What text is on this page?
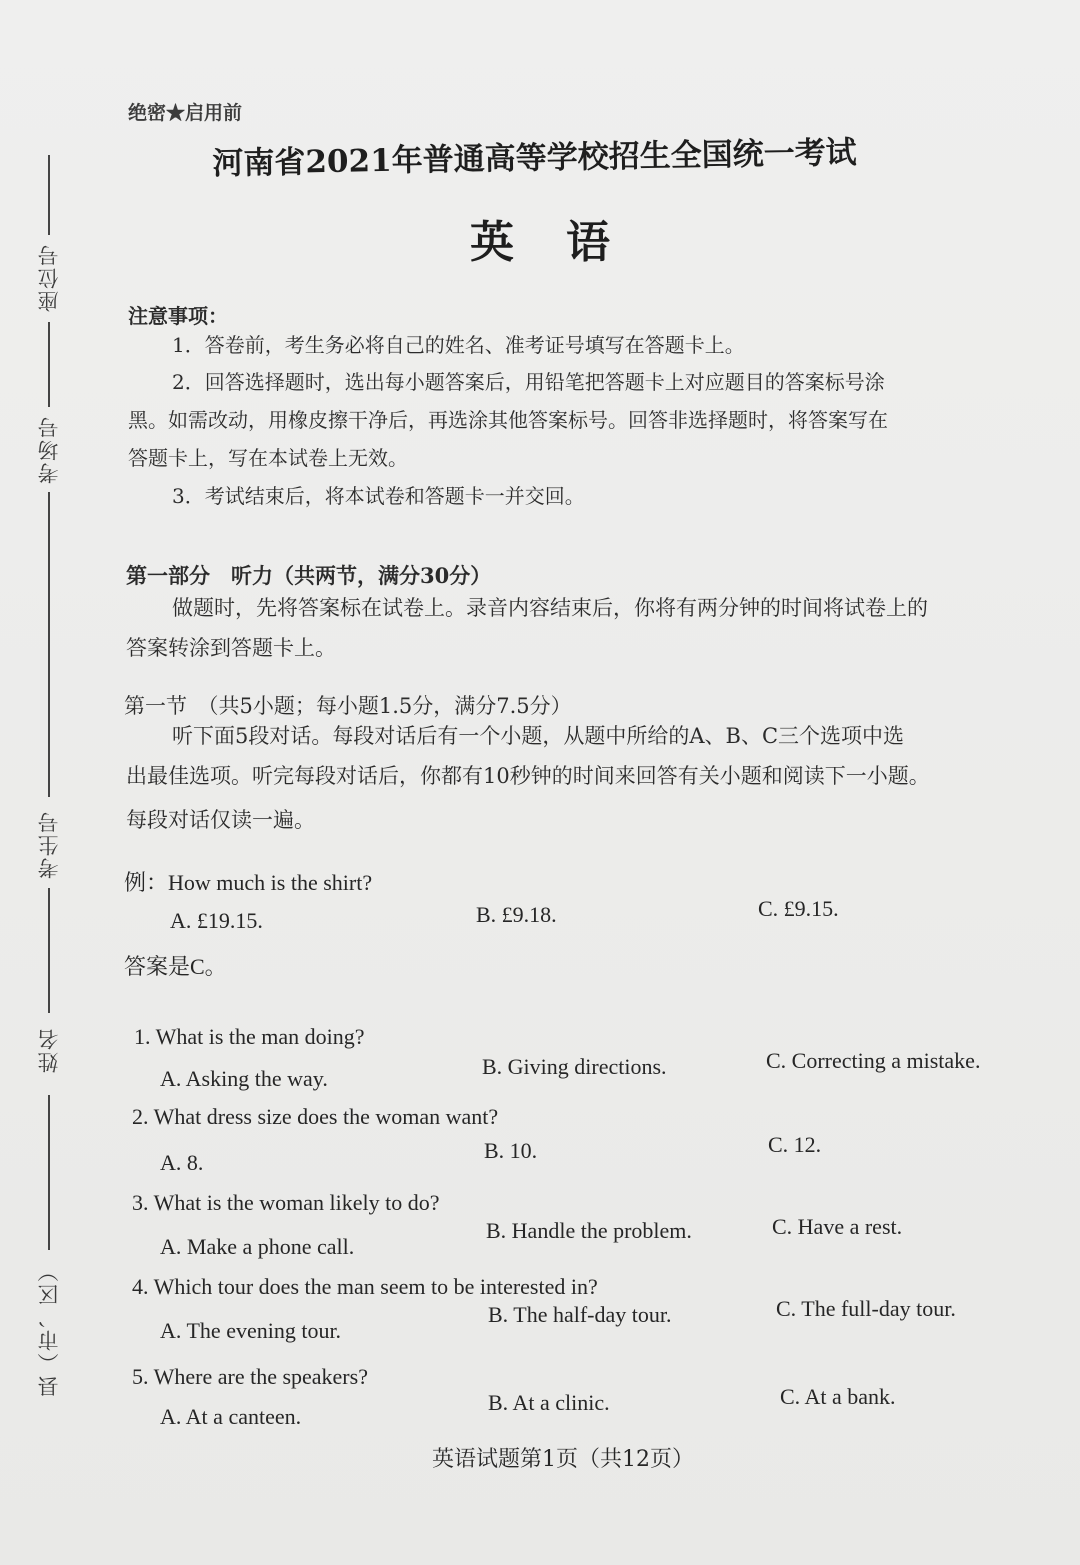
座位号
考场号
考生号
姓名
县（市、区）
绝密★启用前
河南省2021年普通高等学校招生全国统一考试
英语
注意事项：
1．答卷前，考生务必将自己的姓名、准考证号填写在答题卡上。
2．回答选择题时，选出每小题答案后，用铅笔把答题卡上对应题目的答案标号涂
黑。如需改动，用橡皮擦干净后，再选涂其他答案标号。回答非选择题时，将答案写在
答题卡上，写在本试卷上无效。
3．考试结束后，将本试卷和答题卡一并交回。
第一部分　听力（共两节，满分30分）
做题时，先将答案标在试卷上。录音内容结束后，你将有两分钟的时间将试卷上的
答案转涂到答题卡上。
第一节　（共5小题；每小题1.5分，满分7.5分）
听下面5段对话。每段对话后有一个小题，从题中所给的A、B、C三个选项中选
出最佳选项。听完每段对话后，你都有10秒钟的时间来回答有关小题和阅读下一小题。
每段对话仅读一遍。
例：How much is the shirt?
A. £19.15.	B. £9.18.	C. £9.15.
答案是C。
1. What is the man doing?
A. Asking the way.	B. Giving directions.	C. Correcting a mistake.
2. What dress size does the woman want?
A. 8.	B. 10.	C. 12.
3. What is the woman likely to do?
A. Make a phone call.
B. Handle the problem.	C. Have a rest.
4. Which tour does the man seem to be interested in?
A. The evening tour.
B. The half-day tour.	C. The full-day tour.
5. Where are the speakers?
A. At a canteen.
B. At a clinic.	C. At a bank.
英语试题第1页（共12页）
